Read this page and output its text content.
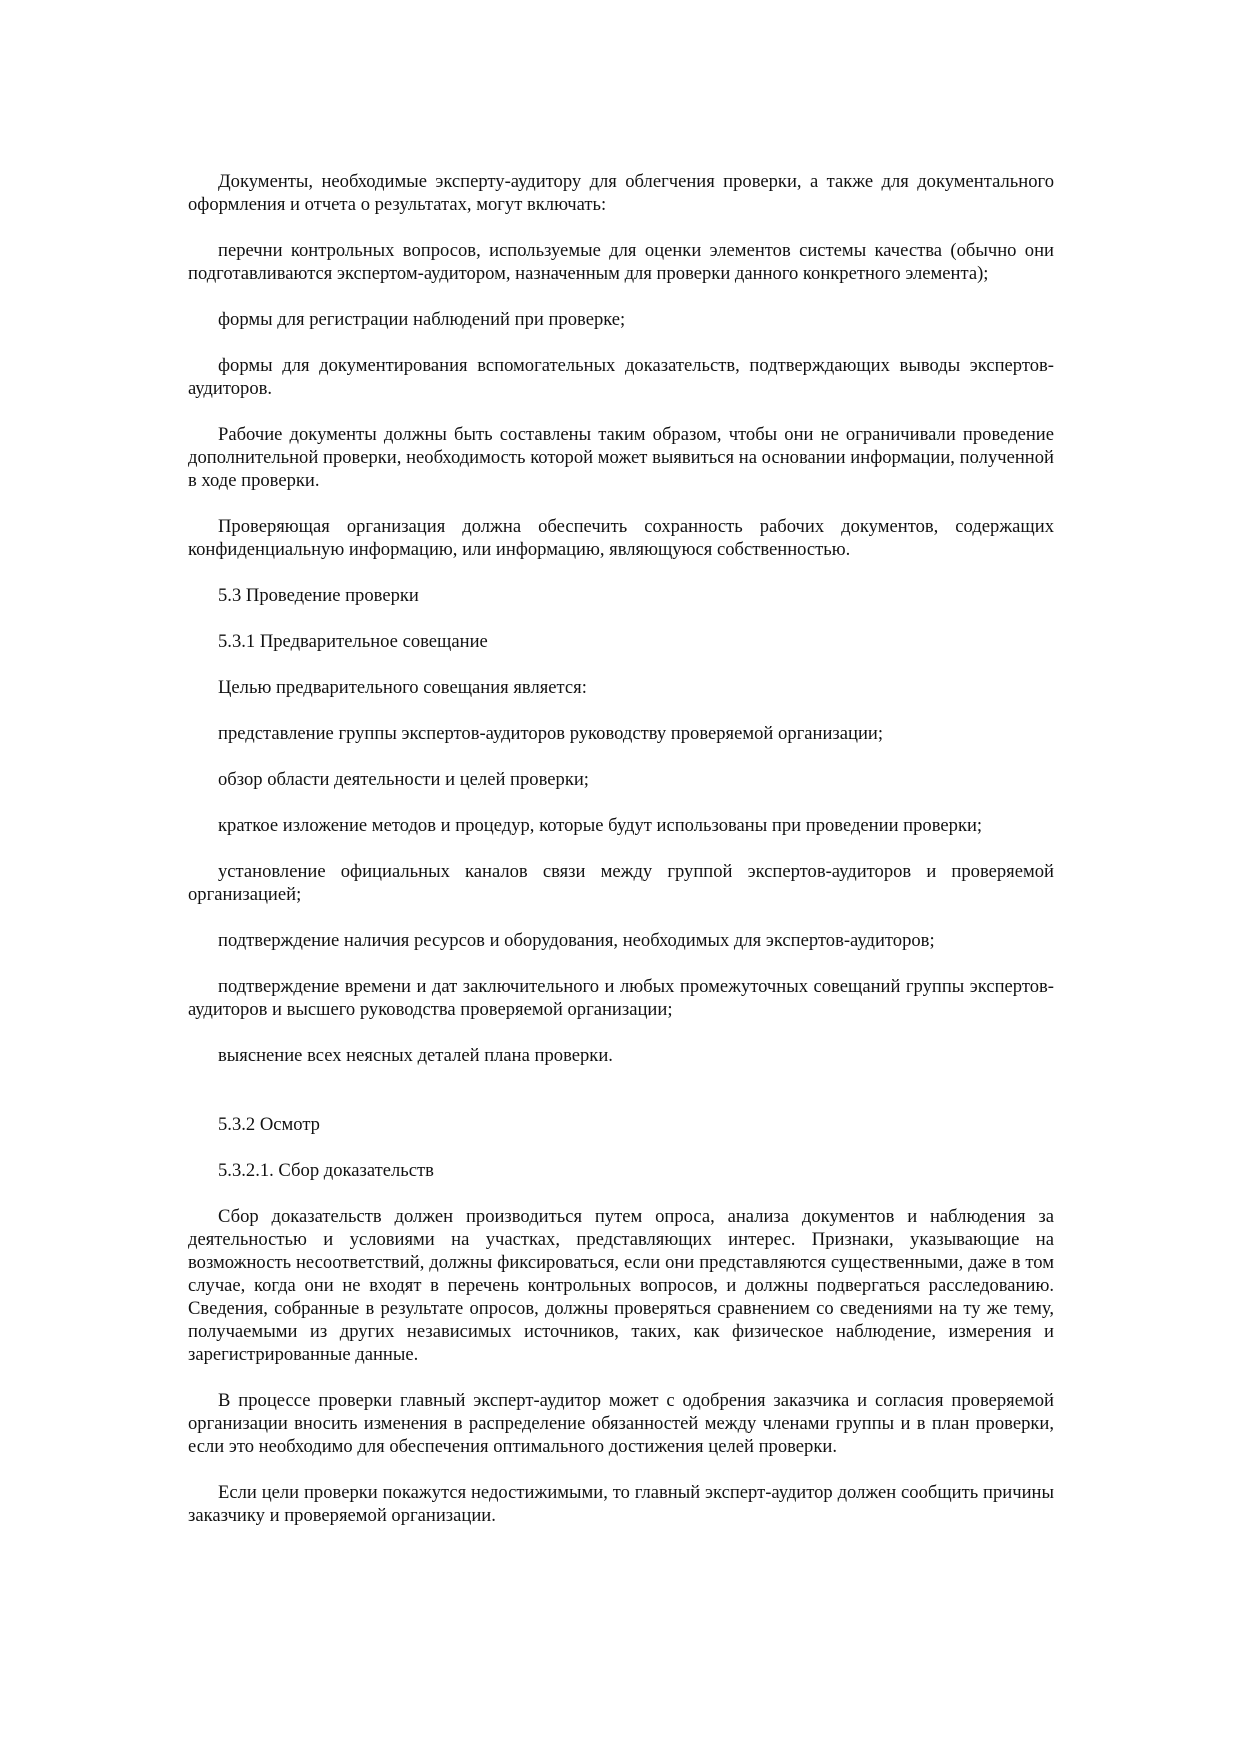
Документы, необходимые эксперту-аудитору для облегчения проверки, а также для документального оформления и отчета о результатах, могут включать:

перечни контрольных вопросов, используемые для оценки элементов системы качества (обычно они подготавливаются экспертом-аудитором, назначенным для проверки данного конкретного элемента);

формы для регистрации наблюдений при проверке;

формы для документирования вспомогательных доказательств, подтверждающих выводы экспертов-аудиторов.

Рабочие документы должны быть составлены таким образом, чтобы они не ограничивали проведение дополнительной проверки, необходимость которой может выявиться на основании информации, полученной в ходе проверки.

Проверяющая организация должна обеспечить сохранность рабочих документов, содержащих конфиденциальную информацию, или информацию, являющуюся собственностью.

5.3 Проведение проверки

5.3.1 Предварительное совещание

Целью предварительного совещания является:

представление группы экспертов-аудиторов руководству проверяемой организации;

обзор области деятельности и целей проверки;

краткое изложение методов и процедур, которые будут использованы при проведении проверки;

установление официальных каналов связи между группой экспертов-аудиторов и проверяемой организацией;

подтверждение наличия ресурсов и оборудования, необходимых для экспертов-аудиторов;

подтверждение времени и дат заключительного и любых промежуточных совещаний группы экспертов-аудиторов и высшего руководства проверяемой организации;

выяснение всех неясных деталей плана проверки.

5.3.2 Осмотр

5.3.2.1. Сбор доказательств

Сбор доказательств должен производиться путем опроса, анализа документов и наблюдения за деятельностью и условиями на участках, представляющих интерес. Признаки, указывающие на возможность несоответствий, должны фиксироваться, если они представляются существенными, даже в том случае, когда они не входят в перечень контрольных вопросов, и должны подвергаться расследованию. Сведения, собранные в результате опросов, должны проверяться сравнением со сведениями на ту же тему, получаемыми из других независимых источников, таких, как физическое наблюдение, измерения и зарегистрированные данные.

В процессе проверки главный эксперт-аудитор может с одобрения заказчика и согласия проверяемой организации вносить изменения в распределение обязанностей между членами группы и в план проверки, если это необходимо для обеспечения оптимального достижения целей проверки.

Если цели проверки покажутся недостижимыми, то главный эксперт-аудитор должен сообщить причины заказчику и проверяемой организации.
